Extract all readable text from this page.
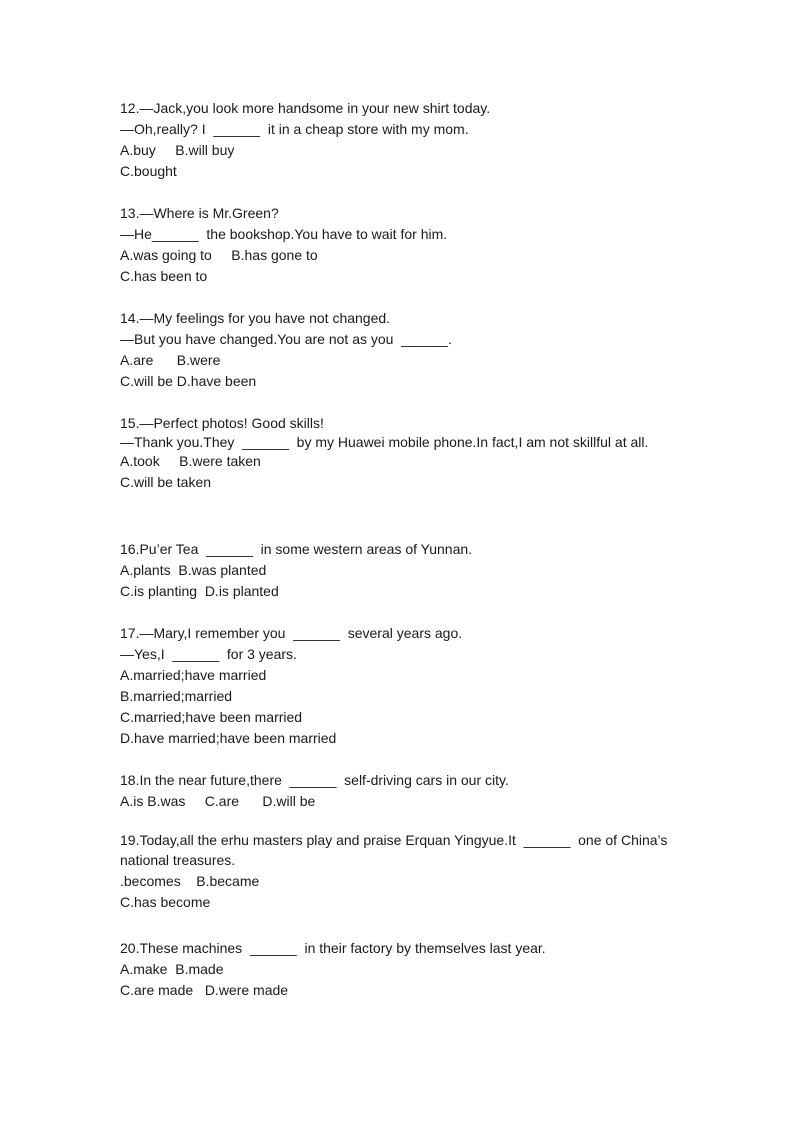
12.—Jack,you look more handsome in your new shirt today.
—Oh,really? I  ______  it in a cheap store with my mom.
A.buy     B.will buy
C.bought
13.—Where is Mr.Green?
—He______  the bookshop.You have to wait for him.
A.was going to     B.has gone to
C.has been to
14.—My feelings for you have not changed.
—But you have changed.You are not as you  ______.
A.are      B.were
C.will be D.have been
15.—Perfect photos! Good skills!
—Thank you.They  ______  by my Huawei mobile phone.In fact,I am not skillful at all.
A.took     B.were taken
C.will be taken
16.Pu’er Tea  ______  in some western areas of Yunnan.
A.plants  B.was planted
C.is planting  D.is planted
17.—Mary,I remember you  ______  several years ago.
—Yes,I  ______  for 3 years.
A.married;have married
B.married;married
C.married;have been married
D.have married;have been married
18.In the near future,there  ______  self-driving cars in our city.
A.is B.was     C.are      D.will be
19.Today,all the erhu masters play and praise Erquan Yingyue.It  ______  one of China’s
national treasures.
.becomes    B.became
C.has become
20.These machines  ______  in their factory by themselves last year.
A.make  B.made
C.are made   D.were made
